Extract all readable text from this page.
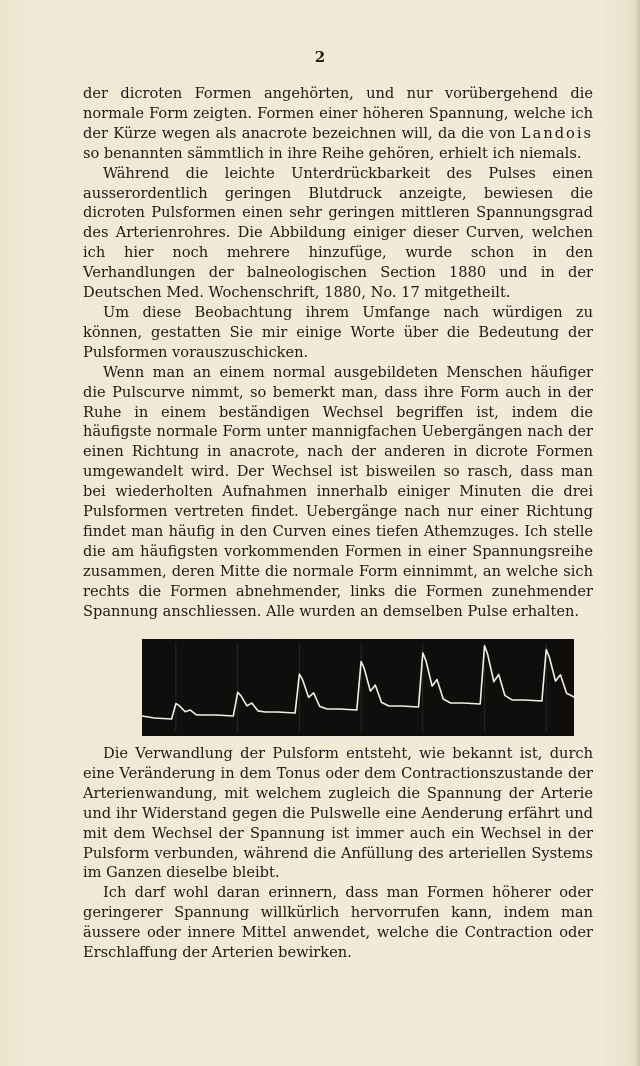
2

der dicroten Formen angehörten, und nur vorübergehend die normale Form zeigten. Formen einer höheren Spannung, welche ich der Kürze wegen als anacrote bezeichnen will, da die von Landois so benannten sämmtlich in ihre Reihe gehören, erhielt ich niemals.

Während die leichte Unterdrückbarkeit des Pulses einen ausserordentlich geringen Blutdruck anzeigte, bewiesen die dicroten Pulsformen einen sehr geringen mittleren Spannungsgrad des Arterienrohres. Die Abbildung einiger dieser Curven, welchen ich hier noch mehrere hinzufüge, wurde schon in den Verhandlungen der balneologischen Section 1880 und in der Deutschen Med. Wochenschrift, 1880, No. 17 mitgetheilt.

Um diese Beobachtung ihrem Umfange nach würdigen zu können, gestatten Sie mir einige Worte über die Bedeutung der Pulsformen vorauszuschicken.

Wenn man an einem normal ausgebildeten Menschen häufiger die Pulscurve nimmt, so bemerkt man, dass ihre Form auch in der Ruhe in einem beständigen Wechsel begriffen ist, indem die häufigste normale Form unter mannigfachen Uebergängen nach der einen Richtung in anacrote, nach der anderen in dicrote Formen umgewandelt wird. Der Wechsel ist bisweilen so rasch, dass man bei wiederholten Aufnahmen innerhalb einiger Minuten die drei Pulsformen vertreten findet. Uebergänge nach nur einer Richtung findet man häufig in den Curven eines tiefen Athemzuges. Ich stelle die am häufigsten vorkommenden Formen in einer Spannungsreihe zusammen, deren Mitte die normale Form einnimmt, an welche sich rechts die Formen abnehmender, links die Formen zunehmender Spannung anschliessen. Alle wurden an demselben Pulse erhalten.

Die Verwandlung der Pulsform entsteht, wie bekannt ist, durch eine Veränderung in dem Tonus oder dem Contractionszustande der Arterienwandung, mit welchem zugleich die Spannung der Arterie und ihr Widerstand gegen die Pulswelle eine Aenderung erfährt und mit dem Wechsel der Spannung ist immer auch ein Wechsel in der Pulsform verbunden, während die Anfüllung des arteriellen Systems im Ganzen dieselbe bleibt.

Ich darf wohl daran erinnern, dass man Formen höherer oder geringerer Spannung willkürlich hervorrufen kann, indem man äussere oder innere Mittel anwendet, welche die Contraction oder Erschlaffung der Arterien bewirken.
